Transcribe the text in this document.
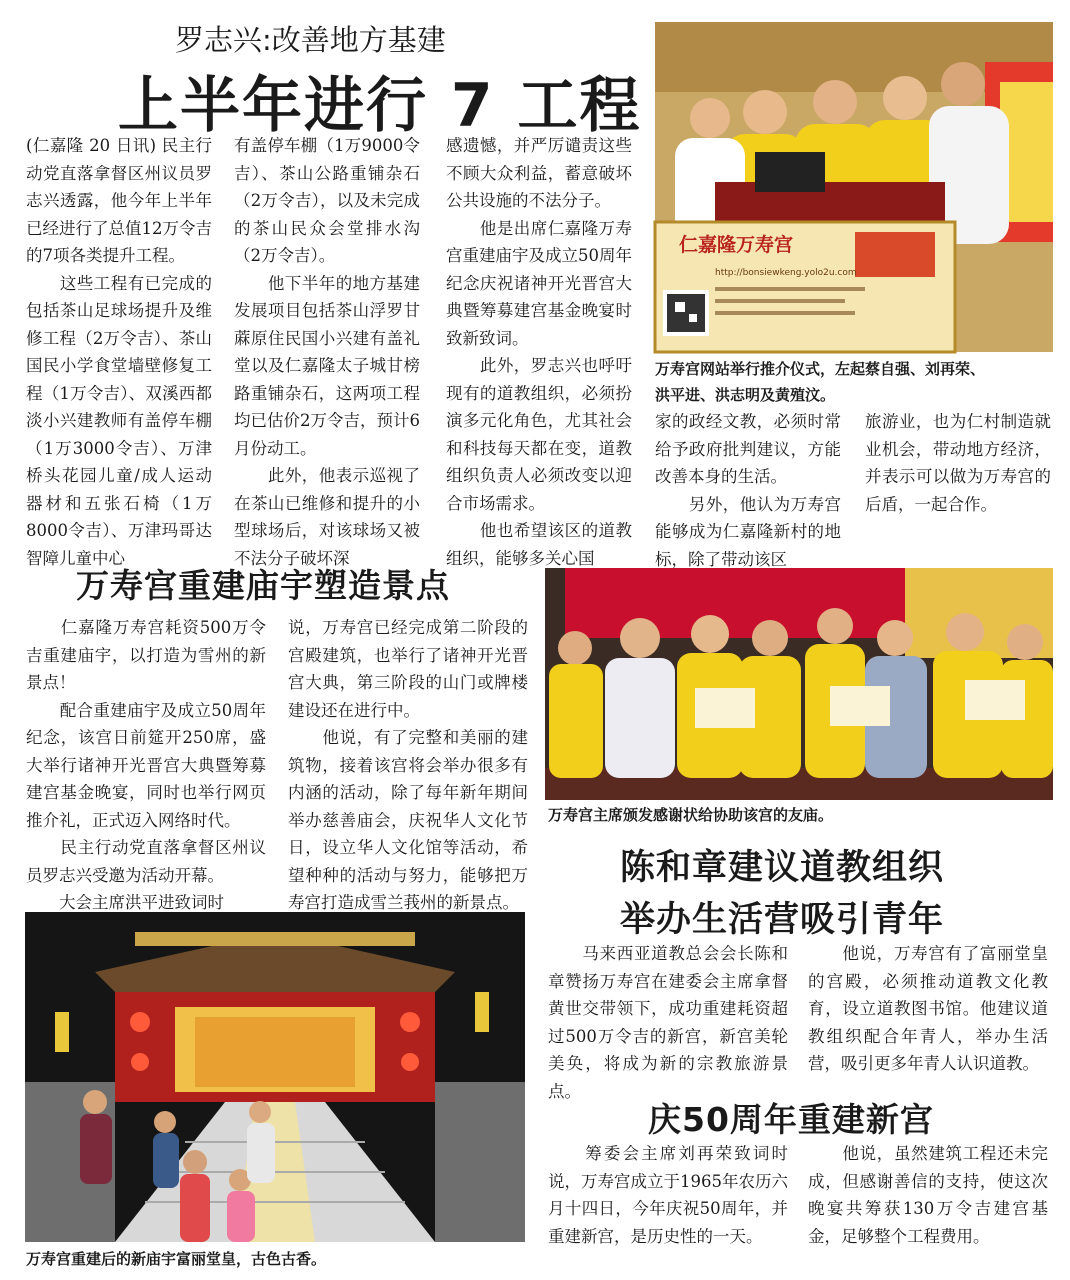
罗志兴:改善地方基建
上半年进行 7 工程
(仁嘉隆 20 日讯) 民主行动党直落拿督区州议员罗志兴透露，他今年上半年已经进行了总值12万令吉的7项各类提升工程。
　　这些工程有已完成的包括茶山足球场提升及维修工程（2万令吉）、茶山国民小学食堂墙壁修复工程（1万令吉）、双溪西都淡小兴建教师有盖停车棚（1万3000令吉）、万津桥头花园儿童/成人运动器材和五张石椅（1万8000令吉）、万津玛哥达智障儿童中心
有盖停车棚（1万9000令吉）、茶山公路重铺杂石（2万令吉），以及未完成的茶山民众会堂排水沟（2万令吉）。
　　他下半年的地方基建发展项目包括茶山浮罗甘蔴原住民国小兴建有盖礼堂以及仁嘉隆太子城甘榜路重铺杂石，这两项工程均已估价2万令吉，预计6月份动工。
　　此外，他表示巡视了在茶山已维修和提升的小型球场后，对该球场又被不法分子破坏深
感遗憾，并严厉谴责这些不顾大众利益，蓄意破坏公共设施的不法分子。
　　他是出席仁嘉隆万寿宫重建庙宇及成立50周年纪念庆祝诸神开光晋宫大典暨筹募建宫基金晚宴时致新致词。
　　此外，罗志兴也呼吁现有的道教组织，必须扮演多元化角色，尤其社会和科技每天都在变，道教组织负责人必须改变以迎合市场需求。
　　他也希望该区的道教组织，能够多关心国
家的政经文教，必须时常给予政府批判建议，方能改善本身的生活。
　　另外，他认为万寿宫能够成为仁嘉隆新村的地标，除了带动该区
旅游业，也为仁村制造就业机会，带动地方经济，并表示可以做为万寿宫的后盾，一起合作。
仁嘉隆万寿宫
http://bonsiewkeng.yolo2u.com
万寿宫网站举行推介仪式，左起蔡自强、刘再荣、
洪平进、洪志明及黄殖汶。
万寿宫重建庙宇塑造景点
　　仁嘉隆万寿宫耗资500万令吉重建庙宇，以打造为雪州的新景点！
　　配合重建庙宇及成立50周年纪念，该宫日前筵开250席，盛大举行诸神开光晋宫大典暨筹募建宫基金晚宴，同时也举行网页推介礼，正式迈入网络时代。
　　民主行动党直落拿督区州议员罗志兴受邀为活动开幕。
　　大会主席洪平进致词时
说，万寿宫已经完成第二阶段的宫殿建筑，也举行了诸神开光晋宫大典，第三阶段的山门或牌楼建设还在进行中。
　　他说，有了完整和美丽的建筑物，接着该宫将会举办很多有内涵的活动，除了每年新年期间举办慈善庙会，庆祝华人文化节日，设立华人文化馆等活动，希望种种的活动与努力，能够把万寿宫打造成雪兰莪州的新景点。
万寿宫主席颁发感谢状给协助该宫的友庙。
陈和章建议道教组织
举办生活营吸引青年
　　马来西亚道教总会会长陈和章赞扬万寿宫在建委会主席拿督黄世交带领下，成功重建耗资超过500万令吉的新宫，新宫美轮美奂，将成为新的宗教旅游景点。
　　他说，万寿宫有了富丽堂皇的宫殿，必须推动道教文化教育，设立道教图书馆。他建议道教组织配合年青人，举办生活营，吸引更多年青人认识道教。
庆50周年重建新宫
　　筹委会主席刘再荣致词时说，万寿宫成立于1965年农历六月十四日，今年庆祝50周年，并重建新宫，是历史性的一天。
　　他说，虽然建筑工程还未完成，但感谢善信的支持，使这次晚宴共筹获130万令吉建宫基金，足够整个工程费用。
万寿宫重建后的新庙宇富丽堂皇，古色古香。
